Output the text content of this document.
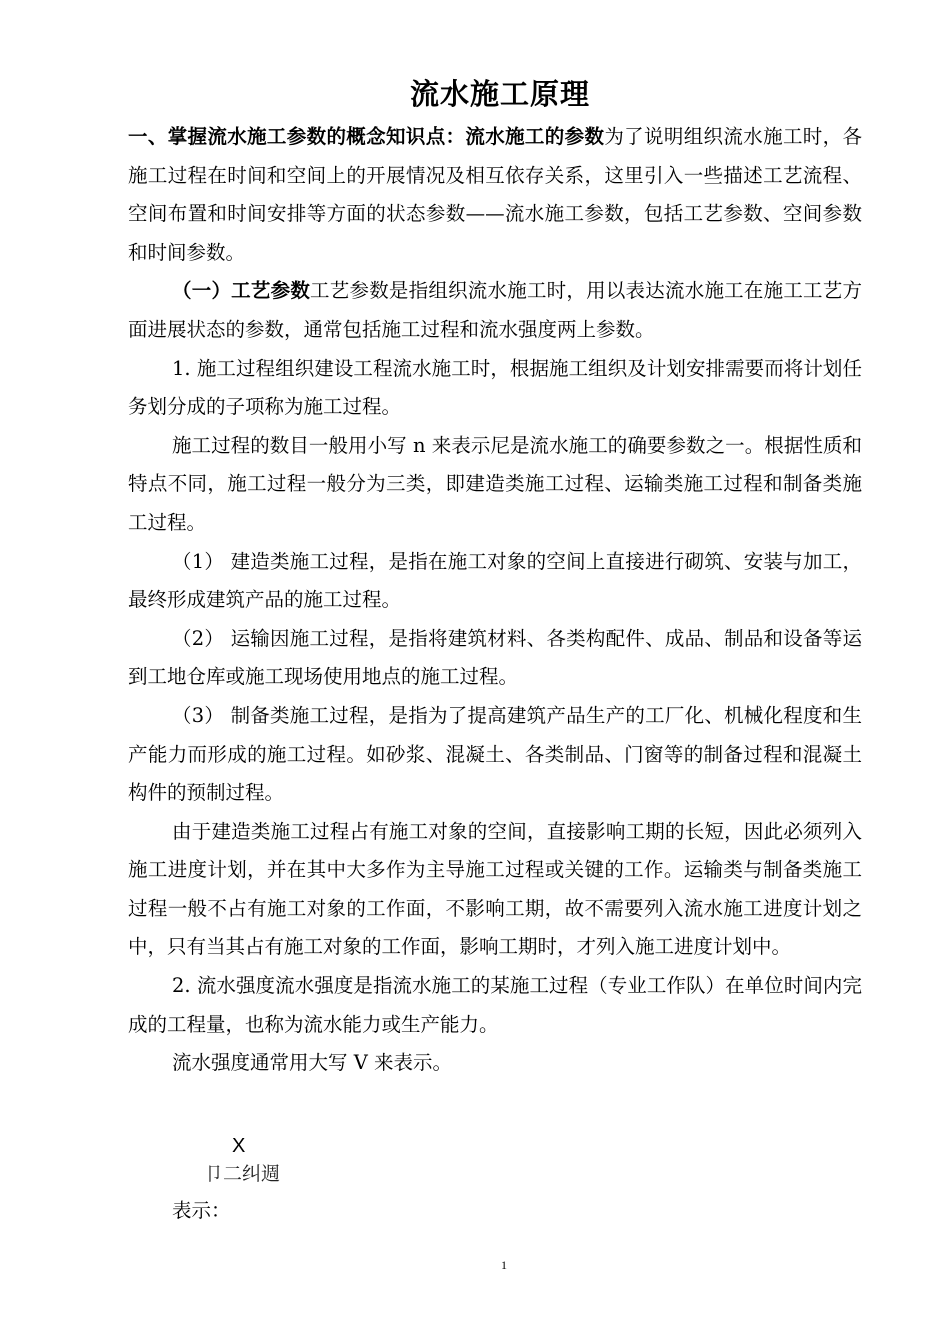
流水施工原理

一、掌握流水施工参数的概念知识点：流水施工的参数为了说明组织流水施工时，各施工过程在时间和空间上的开展情况及相互依存关系，这里引入一些描述工艺流程、空间布置和时间安排等方面的状态参数——流水施工参数，包括工艺参数、空间参数和时间参数。

（一）工艺参数工艺参数是指组织流水施工时，用以表达流水施工在施工工艺方面进展状态的参数，通常包括施工过程和流水强度两上参数。

1. 施工过程组织建设工程流水施工时，根据施工组织及计划安排需要而将计划任务划分成的子项称为施工过程。

施工过程的数目一般用小写 n 来表示尼是流水施工的确要参数之一。根据性质和特点不同，施工过程一般分为三类，即建造类施工过程、运输类施工过程和制备类施工过程。

（1） 建造类施工过程，是指在施工对象的空间上直接进行砌筑、安装与加工，最终形成建筑产品的施工过程。

（2） 运输因施工过程，是指将建筑材料、各类构配件、成品、制品和设备等运到工地仓库或施工现场使用地点的施工过程。

（3） 制备类施工过程，是指为了提高建筑产品生产的工厂化、机械化程度和生产能力而形成的施工过程。如砂浆、混凝土、各类制品、门窗等的制备过程和混凝土构件的预制过程。

由于建造类施工过程占有施工对象的空间，直接影响工期的长短，因此必须列入施工进度计划，并在其中大多作为主导施工过程或关键的工作。运输类与制备类施工过程一般不占有施工对象的工作面，不影响工期，故不需要列入流水施工进度计划之中，只有当其占有施工对象的工作面，影响工期时，才列入施工进度计划中。

2. 流水强度流水强度是指流水施工的某施工过程（专业工作队）在单位时间内完成的工程量，也称为流水能力或生产能力。

流水强度通常用大写 V 来表示。

X
卩二纠週
表示：
1
